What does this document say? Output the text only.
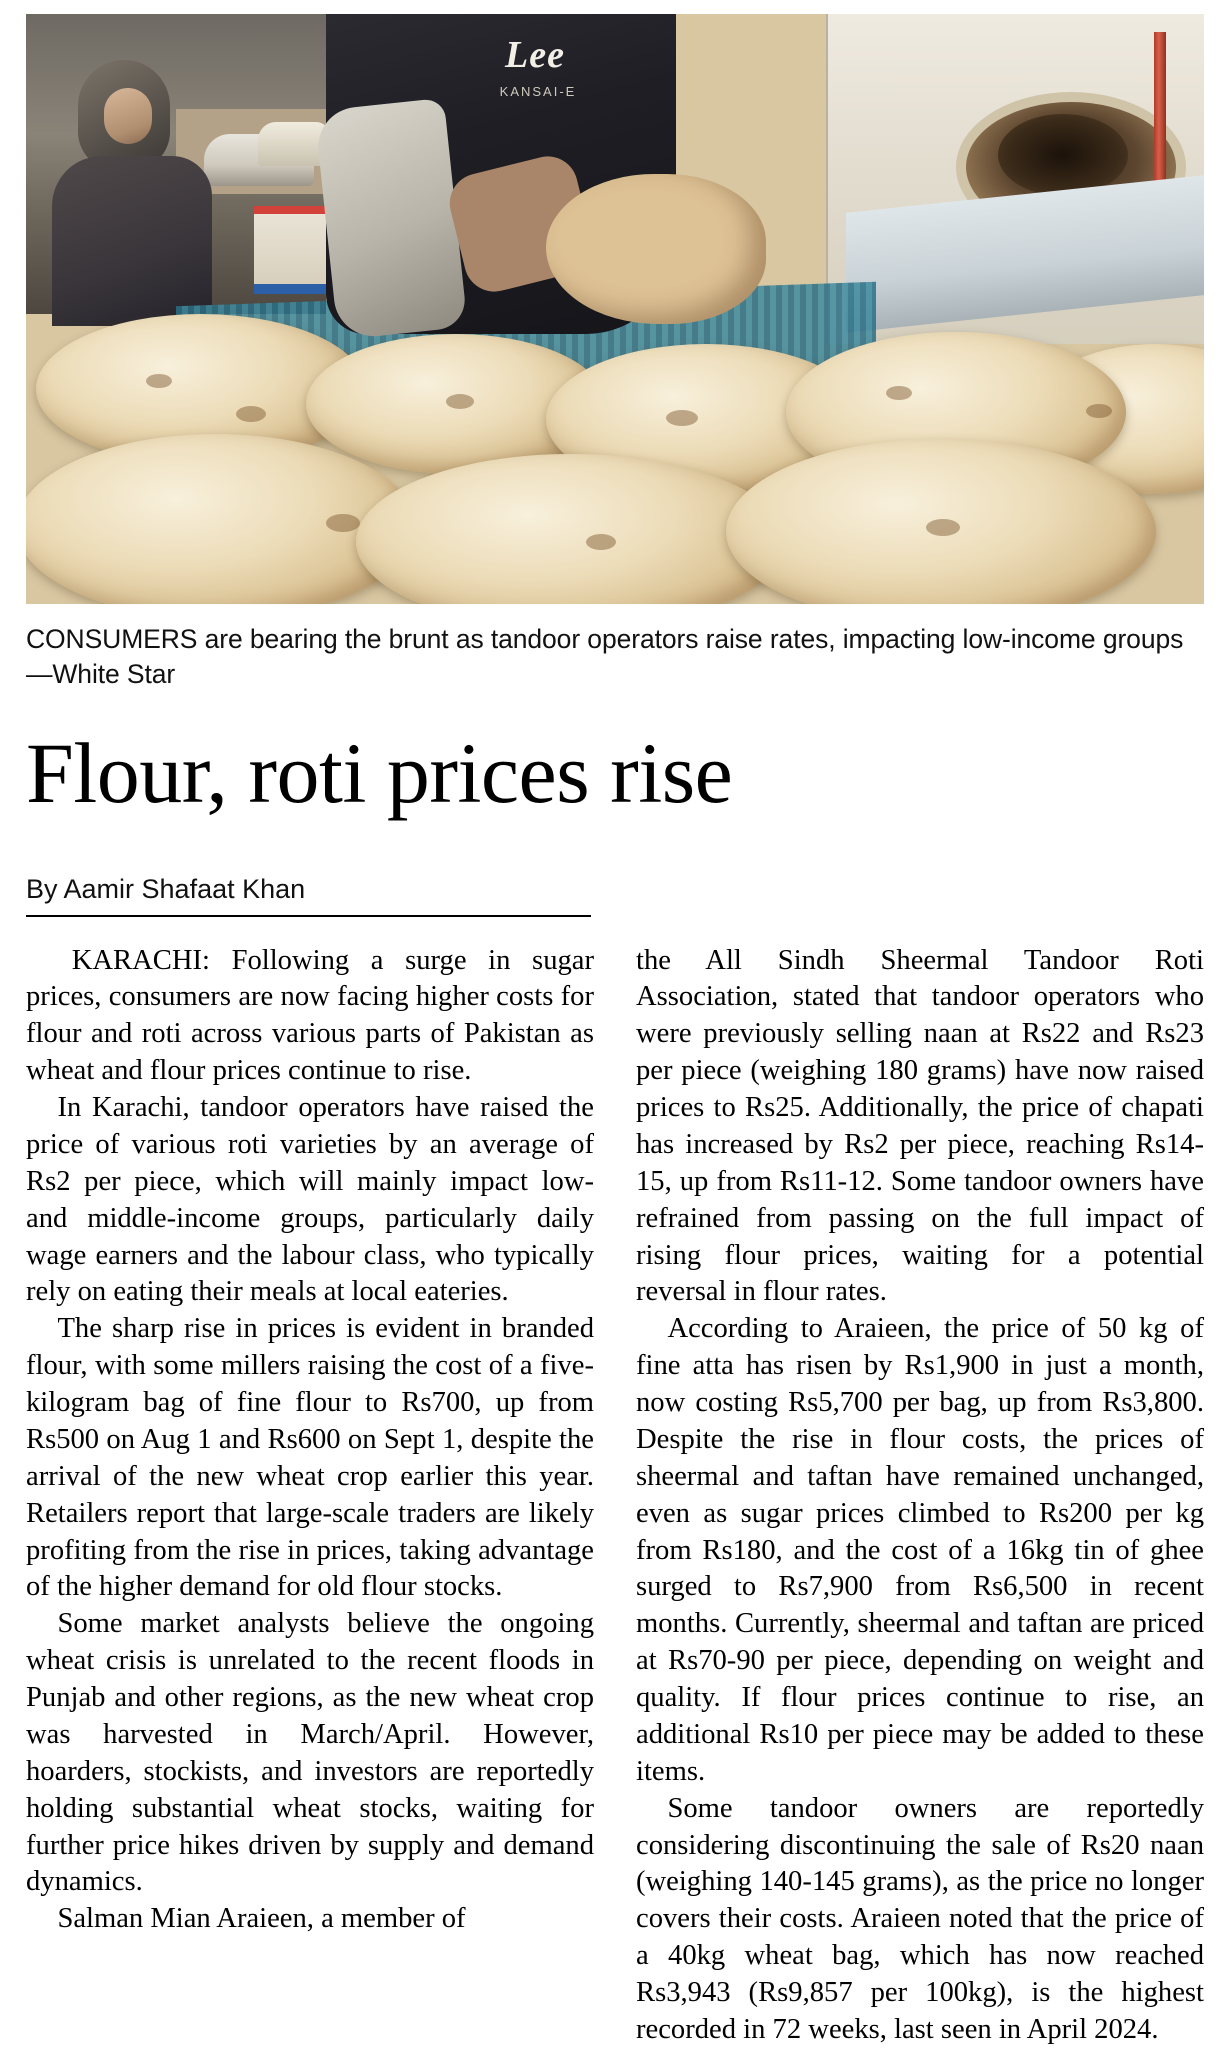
Lee
KANSAI-E
CONSUMERS are bearing the brunt as tandoor operators raise rates, impacting low-income groups—White Star
Flour, roti prices rise
By Aamir Shafaat Khan

KARACHI: Following a surge in sugar prices, consumers are now facing higher costs for flour and roti across various parts of Pakistan as wheat and flour prices continue to rise.

In Karachi, tandoor operators have raised the price of various roti varieties by an average of Rs2 per piece, which will mainly impact low- and middle-income groups, particularly daily wage earners and the labour class, who typically rely on eating their meals at local eateries.

The sharp rise in prices is evident in branded flour, with some millers raising the cost of a five-kilogram bag of fine flour to Rs700, up from Rs500 on Aug 1 and Rs600 on Sept 1, despite the arrival of the new wheat crop earlier this year. Retailers report that large-scale traders are likely profiting from the rise in prices, taking advantage of the higher demand for old flour stocks.

Some market analysts believe the ongoing wheat crisis is unrelated to the recent floods in Punjab and other regions, as the new wheat crop was harvested in March/April. However, hoarders, stockists, and investors are reportedly holding substantial wheat stocks, waiting for further price hikes driven by supply and demand dynamics.

Salman Mian Araieen, a member of

the All Sindh Sheermal Tandoor Roti Association, stated that tandoor operators who were previously selling naan at Rs22 and Rs23 per piece (weighing 180 grams) have now raised prices to Rs25. Additionally, the price of chapati has increased by Rs2 per piece, reaching Rs14-15, up from Rs11-12. Some tandoor owners have refrained from passing on the full impact of rising flour prices, waiting for a potential reversal in flour rates.

According to Araieen, the price of 50 kg of fine atta has risen by Rs1,900 in just a month, now costing Rs5,700 per bag, up from Rs3,800. Despite the rise in flour costs, the prices of sheermal and taftan have remained unchanged, even as sugar prices climbed to Rs200 per kg from Rs180, and the cost of a 16kg tin of ghee surged to Rs7,900 from Rs6,500 in recent months. Currently, sheermal and taftan are priced at Rs70-90 per piece, depending on weight and quality. If flour prices continue to rise, an additional Rs10 per piece may be added to these items.

Some tandoor owners are reportedly considering discontinuing the sale of Rs20 naan (weighing 140-145 grams), as the price no longer covers their costs. Araieen noted that the price of a 40kg wheat bag, which has now reached Rs3,943 (Rs9,857 per 100kg), is the highest recorded in 72 weeks, last seen in April 2024.
